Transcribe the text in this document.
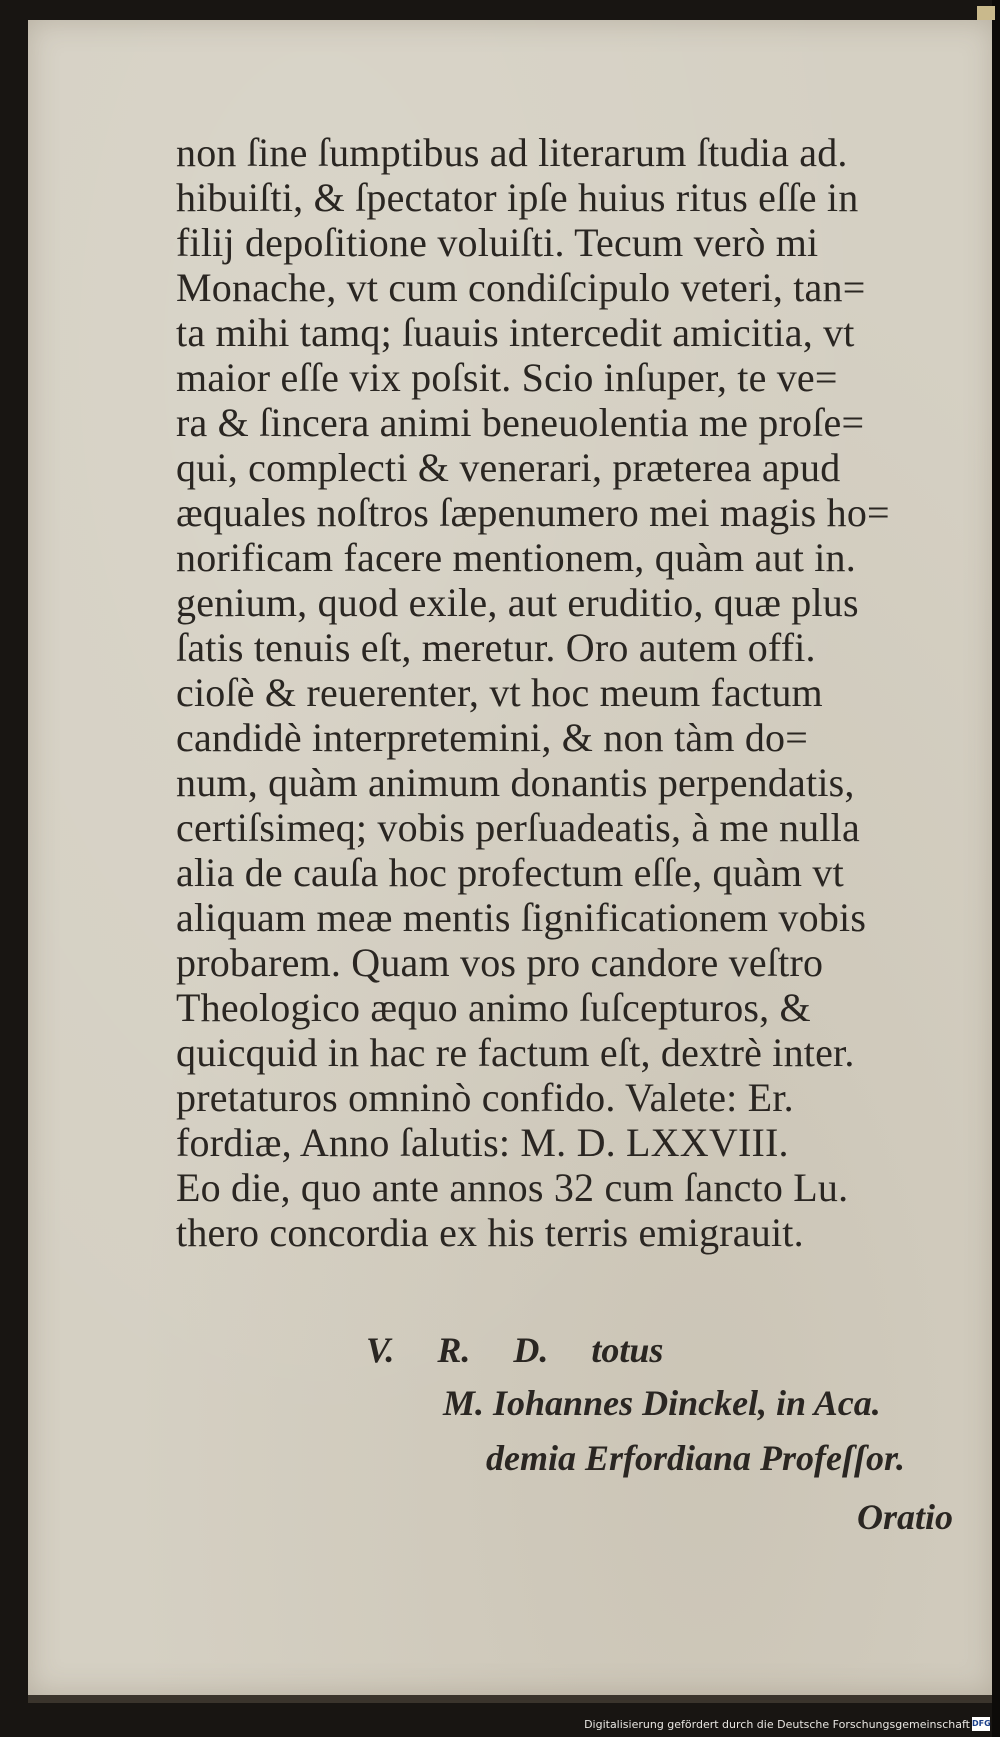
non ſine ſumptibus ad literarum ſtudia ad.
hibuiſti, & ſpectator ipſe huius ritus eſſe in
filij depoſitione voluiſti. Tecum verò mi
Monache, vt cum condiſcipulo veteri, tan=
ta mihi tamq; ſuauis intercedit amicitia, vt
maior eſſe vix poſsit. Scio inſuper, te ve=
ra & ſincera animi beneuolentia me proſe=
qui, complecti & venerari, præterea apud
æquales noſtros ſæpenumero mei magis ho=
norificam facere mentionem, quàm aut in.
genium, quod exile, aut eruditio, quæ plus
ſatis tenuis eſt, meretur. Oro autem offi.
cioſè & reuerenter, vt hoc meum factum
candidè interpretemini, & non tàm do=
num, quàm animum donantis perpendatis,
certiſsimeq; vobis perſuadeatis, à me nulla
alia de cauſa hoc profectum eſſe, quàm vt
aliquam meæ mentis ſignificationem vobis
probarem. Quam vos pro candore veſtro
Theologico æquo animo ſuſcepturos, &
quicquid in hac re factum eſt, dextrè inter.
pretaturos omninò confido. Valete: Er.
fordiæ, Anno ſalutis: M. D. LXXVIII.
Eo die, quo ante annos 32 cum ſancto Lu.
thero concordia ex his terris emigrauit.

V. R. D. totus
M. Iohannes Dinckel, in Aca.
demia Erfordiana Profeſſor.
Oratio
Digitalisierung gefördert durch die Deutsche Forschungsgemeinschaft DFG
